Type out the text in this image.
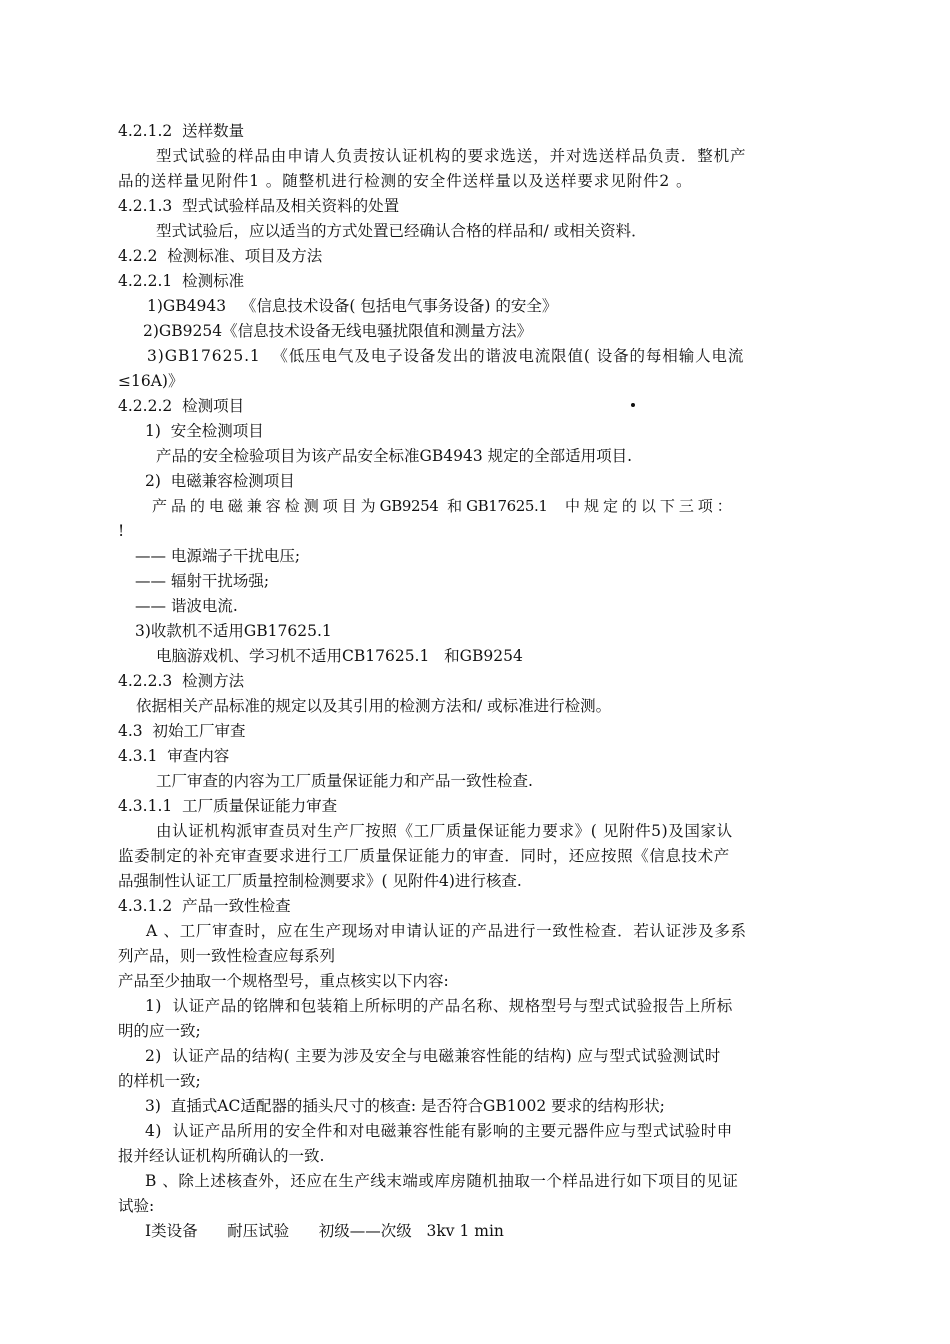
4.2.1.2  送样数量
型式试验的样品由申请人负责按认证机构的要求选送，并对选送样品负责．整机产
品的送样量见附件1 。随整机进行检测的安全件送样量以及送样要求见附件2 。
4.2.1.3  型式试验样品及相关资料的处置
型式试验后，应以适当的方式处置已经确认合格的样品和/ 或相关资料．
4.2.2  检测标准、项目及方法
4.2.2.1  检测标准
1)GB4943   《信息技术设备( 包括电气事务设备) 的安全》
2)GB9254《信息技术设备无线电骚扰限值和测量方法》
3)GB17625.1  《低压电气及电子设备发出的谐波电流限值( 设备的每相输人电流
≤16A)》
4.2.2.2  检测项目
1)  安全检测项目
产品的安全检验项目为该产品安全标准GB4943 规定的全部适用项目.
2)  电磁兼容检测项目
产 品 的 电 磁 兼 容 检 测 项 目 为 GB9254  和 GB17625.1    中 规 定 的 以 下 三 项 ：
!
—— 电源端子干扰电压;
—— 辐射干扰场强;
—— 谐波电流.
3)收款机不适用GB17625.1
电脑游戏机、学习机不适用CB17625.1   和GB9254
4.2.2.3  检测方法
依据相关产品标准的规定以及其引用的检测方法和/ 或标准进行检测。
4.3  初始工厂审查
4.3.1  审查内容
工厂审查的内容为工厂质量保证能力和产品一致性检查.
4.3.1.1  工厂质量保证能力审查
由认证机构派审查员对生产厂按照《工厂质量保证能力要求》( 见附件5)及国家认
监委制定的补充审查要求进行工厂质量保证能力的审查．同时，还应按照《信息技术产
品强制性认证工厂质量控制检测要求》( 见附件4)进行核查.
4.3.1.2  产品一致性检查
A 、工厂审查时，应在生产现场对申请认证的产品进行一致性检查．若认证涉及多系
列产品，则一致性检查应每系列
产品至少抽取一个规格型号，重点核实以下内容:
1)  认证产品的铭牌和包装箱上所标明的产品名称、规格型号与型式试验报告上所标
明的应一致;
2)  认证产品的结构( 主要为涉及安全与电磁兼容性能的结构) 应与型式试验测试时
的样机一致;
3)  直插式AC适配器的插头尺寸的核查: 是否符合GB1002 要求的结构形状;
4)  认证产品所用的安全件和对电磁兼容性能有影响的主要元器件应与型式试验时申
报并经认证机构所确认的一致.
B 、除上述核查外，还应在生产线末端或库房随机抽取一个样品进行如下项目的见证
试验:
Ⅰ类设备      耐压试验      初级——次级   3kv 1 min
